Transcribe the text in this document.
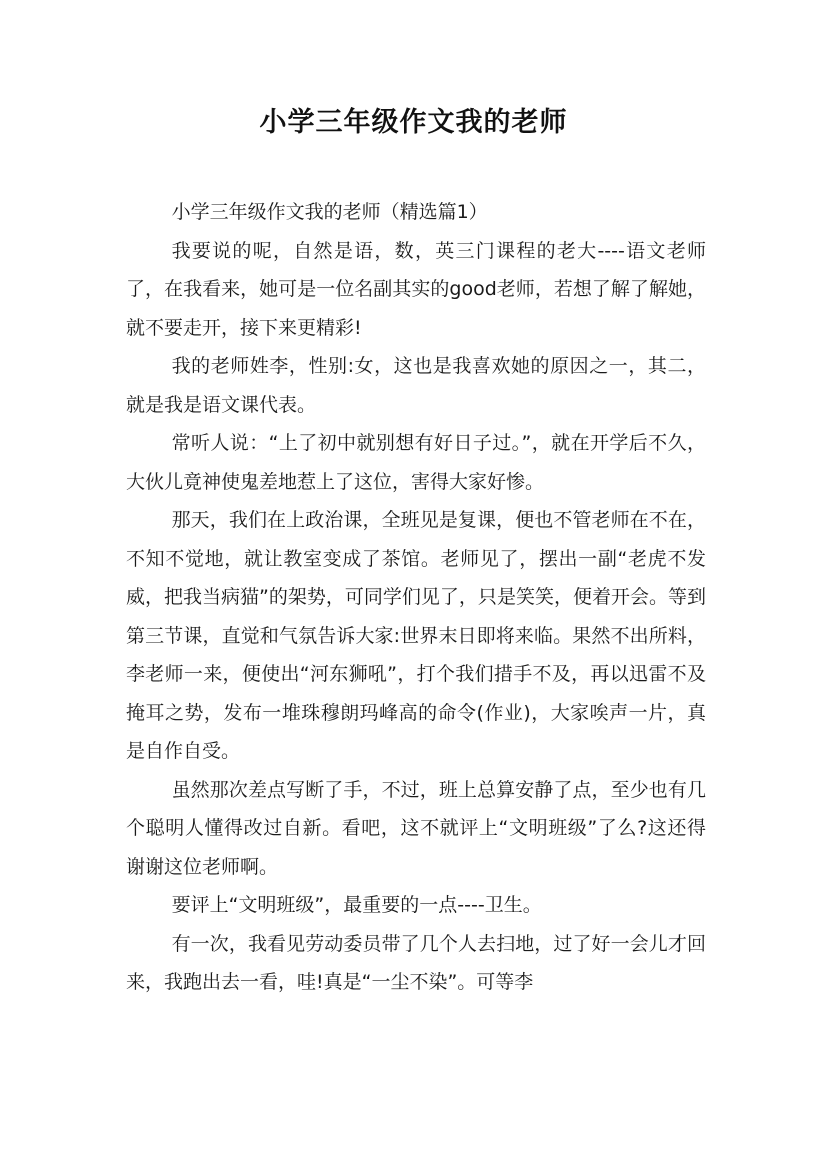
小学三年级作文我的老师

小学三年级作文我的老师（精选篇1）

我要说的呢，自然是语，数，英三门课程的老大----语文老师了，在我看来，她可是一位名副其实的good老师，若想了解了解她，就不要走开，接下来更精彩!

我的老师姓李，性别:女，这也是我喜欢她的原因之一，其二，就是我是语文课代表。

常听人说：“上了初中就别想有好日子过。”，就在开学后不久，大伙儿竟神使鬼差地惹上了这位，害得大家好惨。

那天，我们在上政治课，全班见是复课，便也不管老师在不在，不知不觉地，就让教室变成了茶馆。老师见了，摆出一副“老虎不发威，把我当病猫”的架势，可同学们见了，只是笑笑，便着开会。等到第三节课，直觉和气氛告诉大家:世界末日即将来临。果然不出所料，李老师一来，便使出“河东狮吼”，打个我们措手不及，再以迅雷不及掩耳之势，发布一堆珠穆朗玛峰高的命令(作业)，大家唉声一片，真是自作自受。

虽然那次差点写断了手，不过，班上总算安静了点，至少也有几个聪明人懂得改过自新。看吧，这不就评上“文明班级”了么?这还得谢谢这位老师啊。

要评上“文明班级”，最重要的一点----卫生。

有一次，我看见劳动委员带了几个人去扫地，过了好一会儿才回来，我跑出去一看，哇!真是“一尘不染”。可等李
